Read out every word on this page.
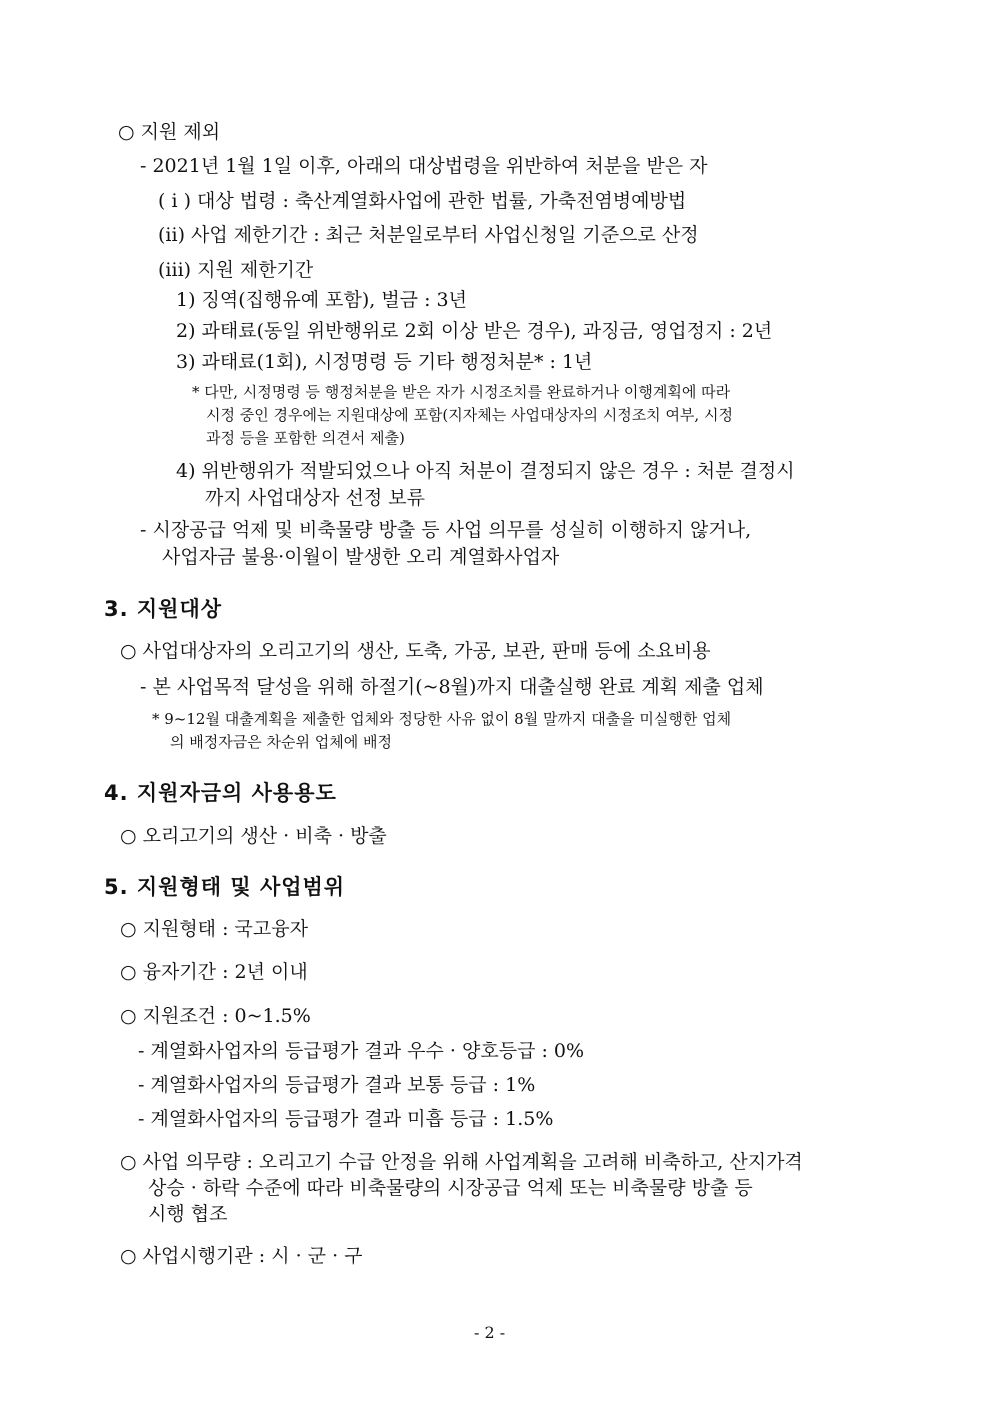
○ 지원 제외
- 2021년 1월 1일 이후, 아래의 대상법령을 위반하여 처분을 받은 자
( i ) 대상 법령 : 축산계열화사업에 관한 법률, 가축전염병예방법
(ii) 사업 제한기간 : 최근 처분일로부터 사업신청일 기준으로 산정
(iii) 지원 제한기간
1) 징역(집행유예 포함), 벌금 : 3년
2) 과태료(동일 위반행위로 2회 이상 받은 경우), 과징금, 영업정지 : 2년
3) 과태료(1회), 시정명령 등 기타 행정처분* : 1년
* 다만, 시정명령 등 행정처분을 받은 자가 시정조치를 완료하거나 이행계획에 따라
시정 중인 경우에는 지원대상에 포함(지자체는 사업대상자의 시정조치 여부, 시정
과정 등을 포함한 의견서 제출)
4) 위반행위가 적발되었으나 아직 처분이 결정되지 않은 경우 : 처분 결정시
까지 사업대상자 선정 보류
- 시장공급 억제 및 비축물량 방출 등 사업 의무를 성실히 이행하지 않거나,
사업자금 불용·이월이 발생한 오리 계열화사업자
3. 지원대상
○ 사업대상자의 오리고기의 생산, 도축, 가공, 보관, 판매 등에 소요비용
- 본 사업목적 달성을 위해 하절기(~8월)까지 대출실행 완료 계획 제출 업체
* 9~12월 대출계획을 제출한 업체와 정당한 사유 없이 8월 말까지 대출을 미실행한 업체
의 배정자금은 차순위 업체에 배정
4. 지원자금의 사용용도
○ 오리고기의 생산 · 비축 · 방출
5. 지원형태 및 사업범위
○ 지원형태 : 국고융자
○ 융자기간 : 2년 이내
○ 지원조건 : 0~1.5%
- 계열화사업자의 등급평가 결과 우수 · 양호등급 : 0%
- 계열화사업자의 등급평가 결과 보통 등급 : 1%
- 계열화사업자의 등급평가 결과 미흡 등급 : 1.5%
○ 사업 의무량 : 오리고기 수급 안정을 위해 사업계획을 고려해 비축하고, 산지가격
상승 · 하락 수준에 따라 비축물량의 시장공급 억제 또는 비축물량 방출 등
시행 협조
○ 사업시행기관 : 시 · 군 · 구
- 2 -
